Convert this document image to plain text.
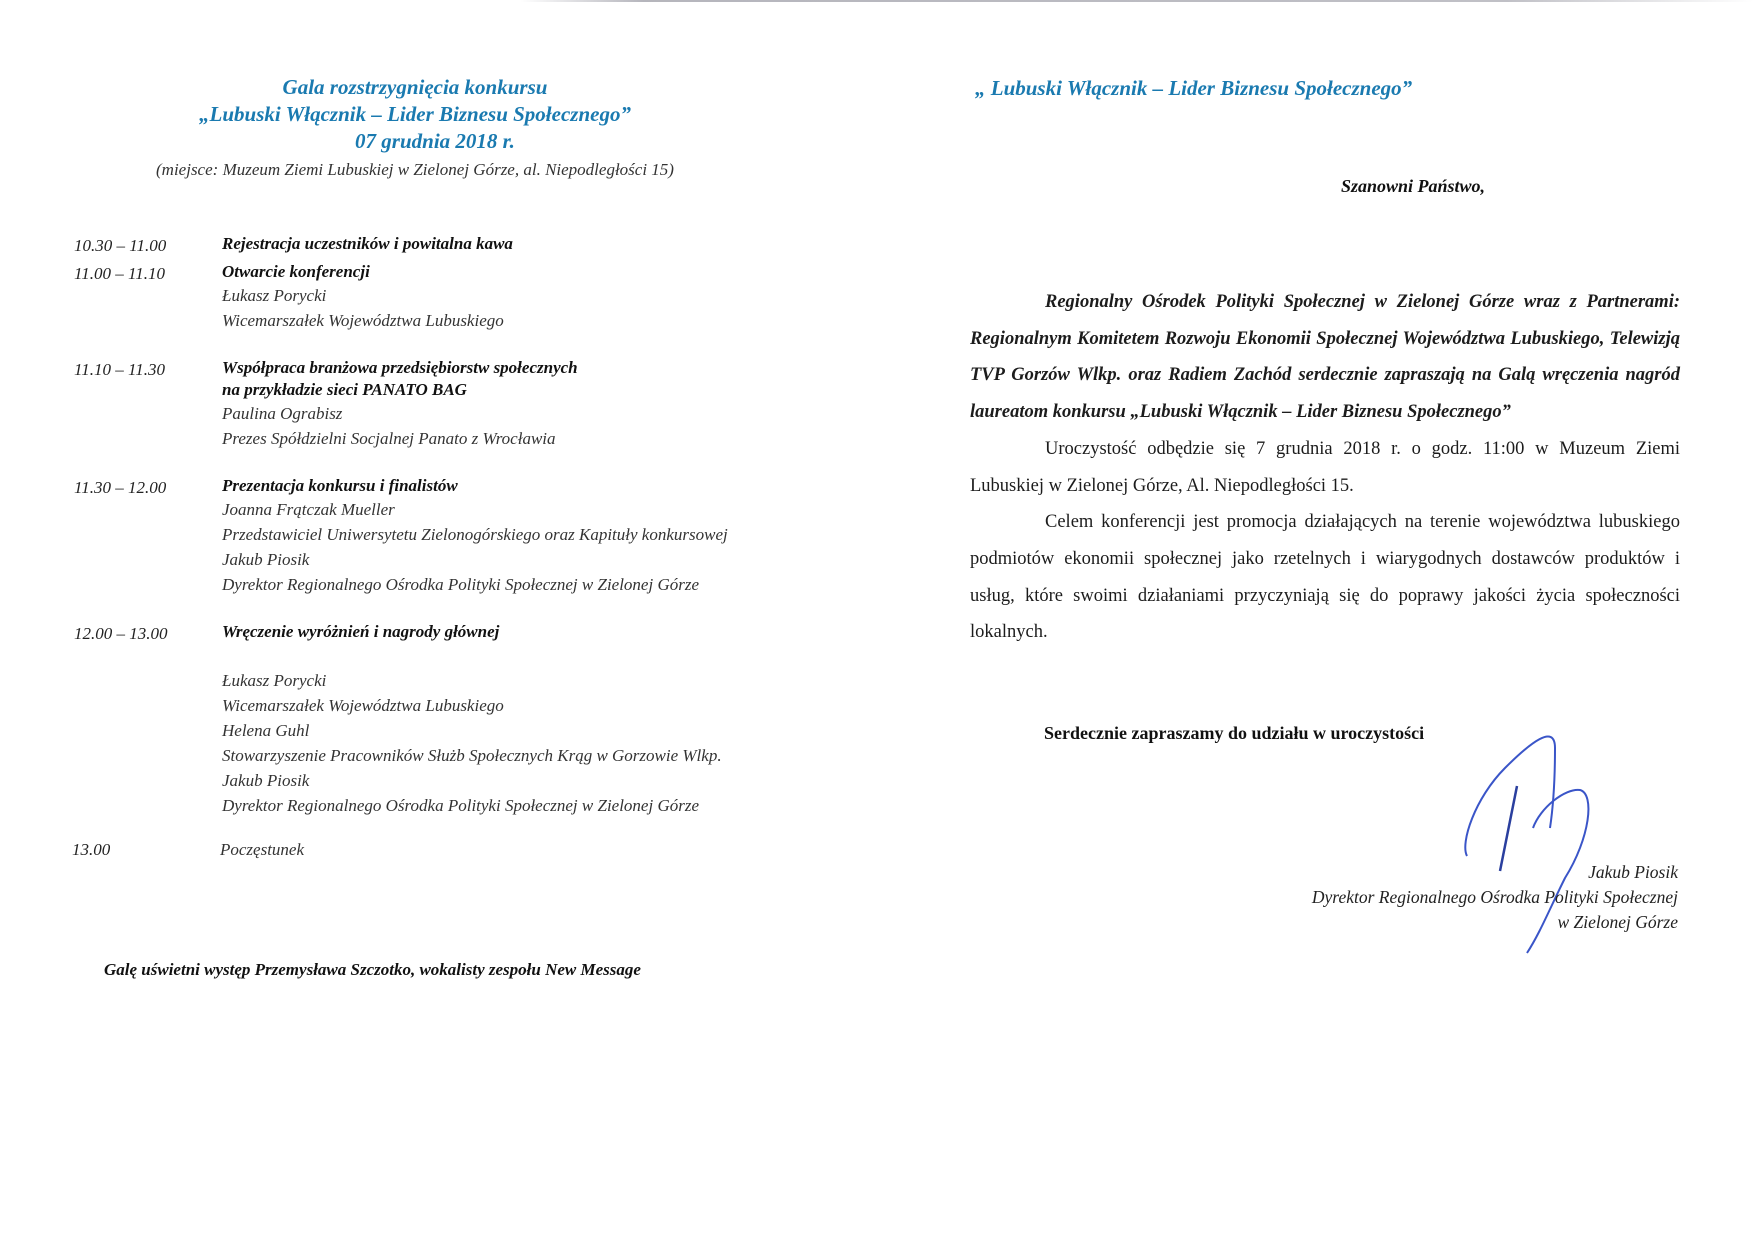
Gala rozstrzygnięcia konkursu
„Lubuski Włącznik – Lider Biznesu Społecznego”
07 grudnia 2018 r.
(miejsce: Muzeum Ziemi Lubuskiej w Zielonej Górze, al. Niepodległości 15)
10.30 – 11.00	Rejestracja uczestników i powitalna kawa
11.00 – 11.10	Otwarcie konferencji
Łukasz Porycki
Wicemarszałek Województwa Lubuskiego
11.10 – 11.30	Współpraca branżowa przedsiębiorstw społecznych
na przykładzie sieci PANATO BAG
Paulina Ograbisz
Prezes Spółdzielni Socjalnej Panato z Wrocławia
11.30 – 12.00	Prezentacja konkursu i finalistów
Joanna Frątczak Mueller
Przedstawiciel Uniwersytetu Zielonogórskiego oraz Kapituły konkursowej
Jakub Piosik
Dyrektor Regionalnego Ośrodka Polityki Społecznej w Zielonej Górze
12.00 – 13.00	Wręczenie wyróżnień i nagrody głównej
Łukasz Porycki
Wicemarszałek Województwa Lubuskiego
Helena Guhl
Stowarzyszenie Pracowników Służb Społecznych Krąg w Gorzowie Wlkp.
Jakub Piosik
Dyrektor Regionalnego Ośrodka Polityki Społecznej w Zielonej Górze
13.00	Poczęstunek
Galę uświetni występ Przemysława Szczotko, wokalisty zespołu New Message
„ Lubuski Włącznik – Lider Biznesu Społecznego”
Szanowni Państwo,

Regionalny Ośrodek Polityki Społecznej w Zielonej Górze wraz z Partnerami: Regionalnym Komitetem Rozwoju Ekonomii Społecznej Województwa Lubuskiego, Telewizją TVP Gorzów Wlkp. oraz Radiem Zachód serdecznie zapraszają na Galą wręczenia nagród laureatom konkursu „Lubuski Włącznik – Lider Biznesu Społecznego”

Uroczystość odbędzie się 7 grudnia 2018 r. o godz. 11:00 w Muzeum Ziemi Lubuskiej w Zielonej Górze, Al. Niepodległości 15.

Celem konferencji jest promocja działających na terenie województwa lubuskiego podmiotów ekonomii społecznej jako rzetelnych i wiarygodnych dostawców produktów i usług, które swoimi działaniami przyczyniają się do poprawy jakości życia społeczności lokalnych.

Serdecznie zapraszamy do udziału w uroczystości
Jakub Piosik
Dyrektor Regionalnego Ośrodka Polityki Społecznej
w Zielonej Górze
